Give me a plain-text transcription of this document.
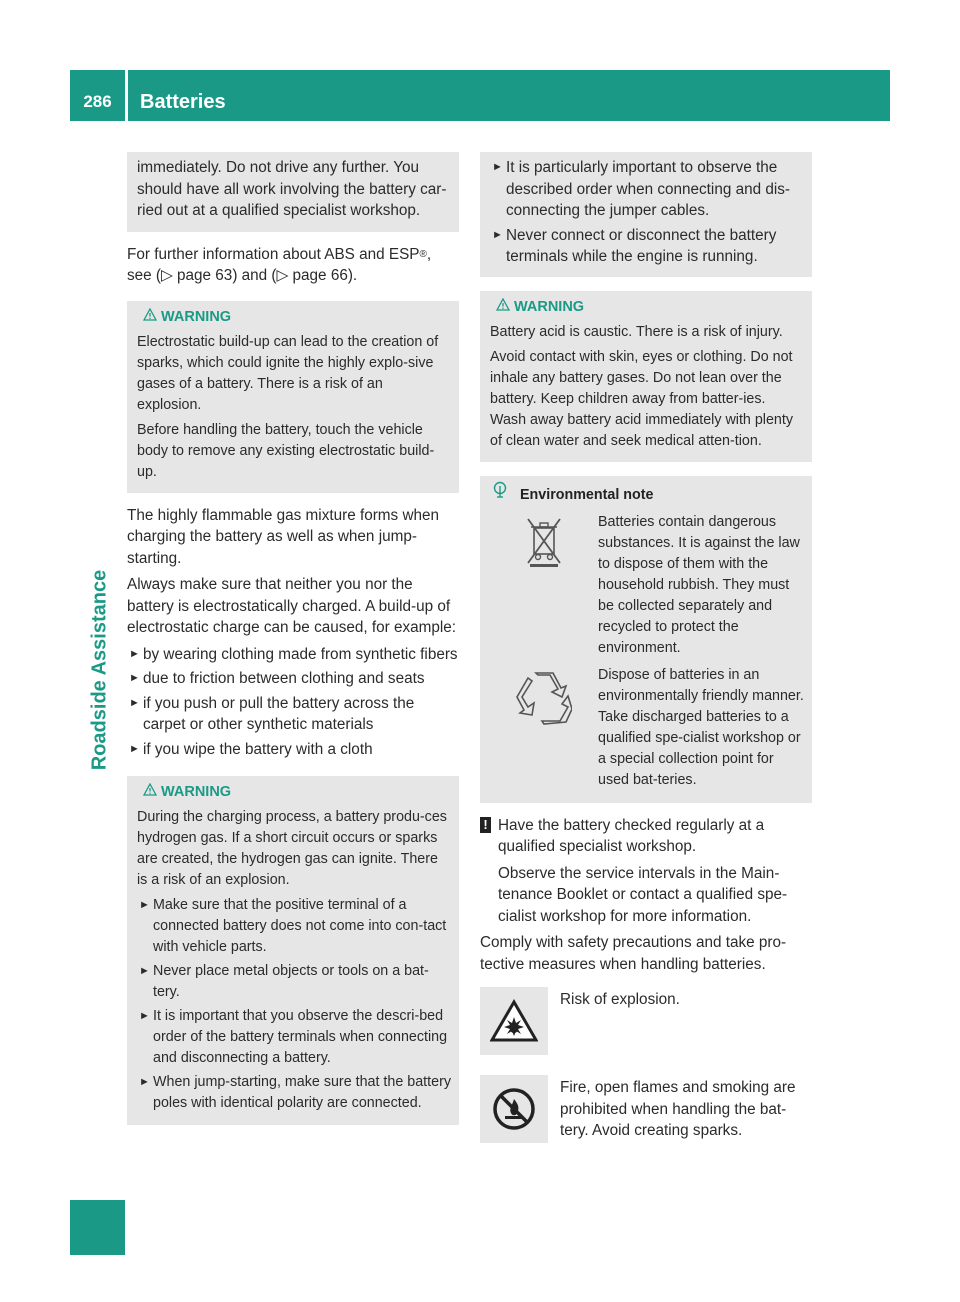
286	Batteries
Roadside Assistance

immediately. Do not drive any further. You should have all work involving the battery car-ried out at a qualified specialist workshop.

For further information about ABS and ESP®,
see (▷ page 63) and (▷ page 66).

WARNING

Electrostatic build-up can lead to the creation of sparks, which could ignite the highly explo-sive gases of a battery. There is a risk of an explosion.

Before handling the battery, touch the vehicle body to remove any existing electrostatic build-up.

The highly flammable gas mixture forms when charging the battery as well as when jump-starting.

Always make sure that neither you nor the battery is electrostatically charged. A build-up of electrostatic charge can be caused, for example:

► by wearing clothing made from synthetic fibers
► due to friction between clothing and seats
► if you push or pull the battery across the carpet or other synthetic materials
► if you wipe the battery with a cloth
WARNING

During the charging process, a battery produ-ces hydrogen gas. If a short circuit occurs or sparks are created, the hydrogen gas can ignite. There is a risk of an explosion.

► Make sure that the positive terminal of a connected battery does not come into con-tact with vehicle parts.
► Never place metal objects or tools on a bat-tery.
► It is important that you observe the descri-bed order of the battery terminals when connecting and disconnecting a battery.
► When jump-starting, make sure that the battery poles with identical polarity are connected.
► It is particularly important to observe the described order when connecting and dis-connecting the jumper cables.
► Never connect or disconnect the battery terminals while the engine is running.
WARNING

Battery acid is caustic. There is a risk of injury.

Avoid contact with skin, eyes or clothing. Do not inhale any battery gases. Do not lean over the battery. Keep children away from batter-ies. Wash away battery acid immediately with plenty of clean water and seek medical atten-tion.

Environmental note
Batteries contain dangerous substances. It is against the law to dispose of them with the household rubbish. They must be collected separately and recycled to protect the environment.
Dispose of batteries in an environmentally friendly manner. Take discharged batteries to a qualified spe-cialist workshop or a special collection point for used bat-teries.
! Have the battery checked regularly at a qualified specialist workshop.

Observe the service intervals in the Main-tenance Booklet or contact a qualified spe-cialist workshop for more information.

Comply with safety precautions and take pro-tective measures when handling batteries.

Risk of explosion.
Fire, open flames and smoking are prohibited when handling the bat-tery. Avoid creating sparks.
